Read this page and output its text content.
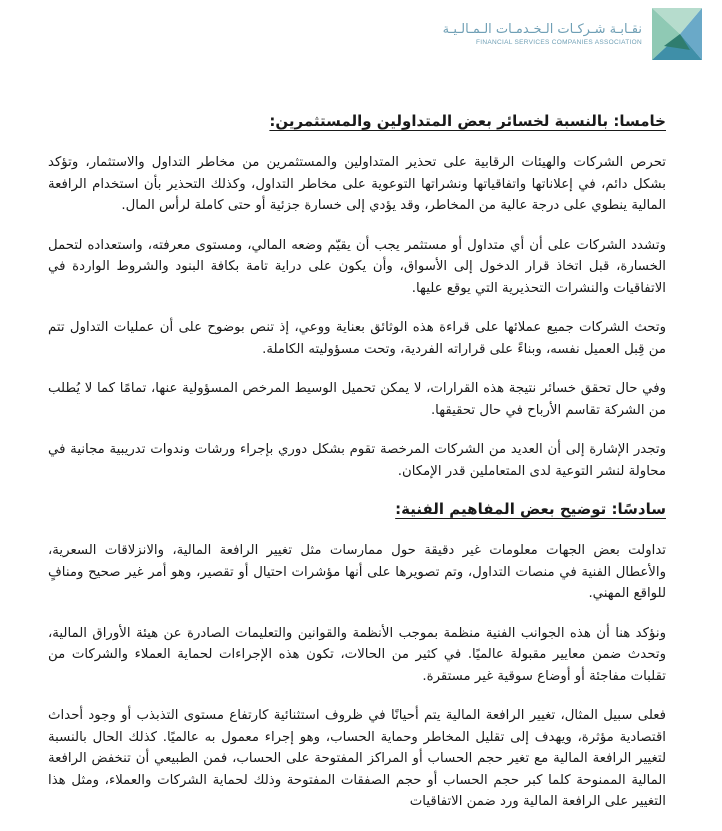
نقـابـة شـركـات الـخـدمـات الـمـالـيـة
FINANCIAL SERVICES COMPANIES ASSOCIATION
خامسا: بالنسبة لخسائر بعض المتداولين والمستثمرين:

تحرص الشركات والهيئات الرقابية على تحذير المتداولين والمستثمرين من مخاطر التداول والاستثمار، وتؤكد بشكل دائم، في إعلاناتها واتفاقياتها ونشراتها التوعوية على مخاطر التداول، وكذلك التحذير بأن استخدام الرافعة المالية ينطوي على درجة عالية من المخاطر، وقد يؤدي إلى خسارة جزئية أو حتى كاملة لرأس المال.

وتشدد الشركات على أن أي متداول أو مستثمر يجب أن يقيّم وضعه المالي، ومستوى معرفته، واستعداده لتحمل الخسارة، قبل اتخاذ قرار الدخول إلى الأسواق، وأن يكون على دراية تامة بكافة البنود والشروط الواردة في الاتفاقيات والنشرات التحذيرية التي يوقع عليها.

وتحث الشركات جميع عملائها على قراءة هذه الوثائق بعناية ووعي، إذ تنص بوضوح على أن عمليات التداول تتم من قِبل العميل نفسه، وبناءً على قراراته الفردية، وتحت مسؤوليته الكاملة.

وفي حال تحقق خسائر نتيجة هذه القرارات، لا يمكن تحميل الوسيط المرخص المسؤولية عنها، تمامًا كما لا يُطلب من الشركة تقاسم الأرباح في حال تحقيقها.

وتجدر الإشارة إلى أن العديد من الشركات المرخصة تقوم بشكل دوري بإجراء ورشات وندوات تدريبية مجانية في محاولة لنشر التوعية لدى المتعاملين قدر الإمكان.

سادسًا: توضيح بعض المفاهيم الفنية:

تداولت بعض الجهات معلومات غير دقيقة حول ممارسات مثل تغيير الرافعة المالية، والانزلاقات السعرية، والأعطال الفنية في منصات التداول، وتم تصويرها على أنها مؤشرات احتيال أو تقصير، وهو أمر غير صحيح ومنافٍ للواقع المهني.

ونؤكد هنا أن هذه الجوانب الفنية منظمة بموجب الأنظمة والقوانين والتعليمات الصادرة عن هيئة الأوراق المالية، وتحدث ضمن معايير مقبولة عالميًا. في كثير من الحالات، تكون هذه الإجراءات لحماية العملاء والشركات من تقلبات مفاجئة أو أوضاع سوقية غير مستقرة.

فعلى سبيل المثال، تغيير الرافعة المالية يتم أحيانًا في ظروف استثنائية كارتفاع مستوى التذبذب أو وجود أحداث اقتصادية مؤثرة، ويهدف إلى تقليل المخاطر وحماية الحساب، وهو إجراء معمول به عالميًا. كذلك الحال بالنسبة لتغيير الرافعة المالية مع تغير حجم الحساب أو المراكز المفتوحة على الحساب، فمن الطبيعي أن تنخفض الرافعة المالية الممنوحة كلما كبر حجم الحساب أو حجم الصفقات المفتوحة وذلك لحماية الشركات والعملاء، ومثل هذا التغيير على الرافعة المالية ورد ضمن الاتفاقيات
